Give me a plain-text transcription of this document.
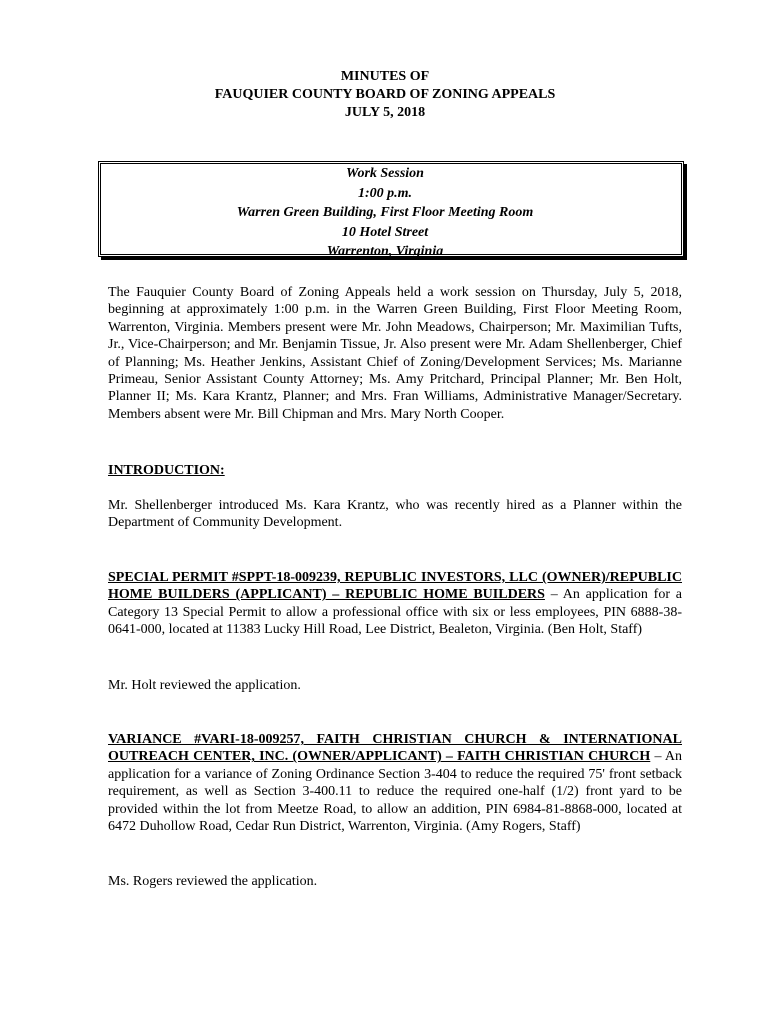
MINUTES OF
FAUQUIER COUNTY BOARD OF ZONING APPEALS
JULY 5, 2018
Work Session
1:00 p.m.
Warren Green Building, First Floor Meeting Room
10 Hotel Street
Warrenton, Virginia
The Fauquier County Board of Zoning Appeals held a work session on Thursday, July 5, 2018, beginning at approximately 1:00 p.m. in the Warren Green Building, First Floor Meeting Room, Warrenton, Virginia. Members present were Mr. John Meadows, Chairperson; Mr. Maximilian Tufts, Jr., Vice-Chairperson; and Mr. Benjamin Tissue, Jr. Also present were Mr. Adam Shellenberger, Chief of Planning; Ms. Heather Jenkins, Assistant Chief of Zoning/Development Services; Ms. Marianne Primeau, Senior Assistant County Attorney; Ms. Amy Pritchard, Principal Planner; Mr. Ben Holt, Planner II; Ms. Kara Krantz, Planner; and Mrs. Fran Williams, Administrative Manager/Secretary. Members absent were Mr. Bill Chipman and Mrs. Mary North Cooper.
INTRODUCTION:
Mr. Shellenberger introduced Ms. Kara Krantz, who was recently hired as a Planner within the Department of Community Development.
SPECIAL PERMIT #SPPT-18-009239, REPUBLIC INVESTORS, LLC (OWNER)/REPUBLIC HOME BUILDERS (APPLICANT) – REPUBLIC HOME BUILDERS – An application for a Category 13 Special Permit to allow a professional office with six or less employees, PIN 6888-38-0641-000, located at 11383 Lucky Hill Road, Lee District, Bealeton, Virginia. (Ben Holt, Staff)
Mr. Holt reviewed the application.
VARIANCE #VARI-18-009257, FAITH CHRISTIAN CHURCH & INTERNATIONAL OUTREACH CENTER, INC. (OWNER/APPLICANT) – FAITH CHRISTIAN CHURCH – An application for a variance of Zoning Ordinance Section 3-404 to reduce the required 75' front setback requirement, as well as Section 3-400.11 to reduce the required one-half (1/2) front yard to be provided within the lot from Meetze Road, to allow an addition, PIN 6984-81-8868-000, located at 6472 Duhollow Road, Cedar Run District, Warrenton, Virginia. (Amy Rogers, Staff)
Ms. Rogers reviewed the application.
